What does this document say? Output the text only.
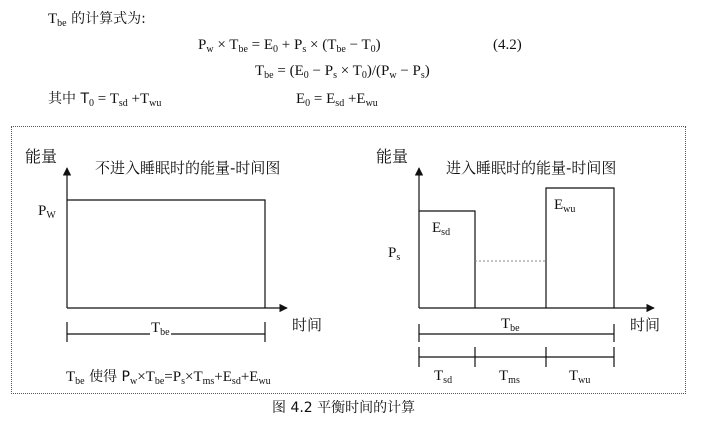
$T_{be}$ 的计算式为:
$P_w \times T_{be} = E_0 + P_s \times (T_{be} - T_0)$	(4.2)
$T_{be} = (E_0 - P_s \times T_0)/(P_w - P_s)$
其中 $T_0 = T_{sd} +T_{wu}$	$E_0 = E_{sd} +E_{wu}$
能量
不进入睡眠时的能量-时间图
$P_W$
$T_{be}$	时间
能量
进入睡眠时的能量-时间图
$E_{sd}$
$E_{wu}$
$P_s$
$T_{be}$	时间
$T_{sd}$	$T_{ms}$	$T_{wu}$
$T_{be}$ 使得 $P_w\times T_{be}=P_s\times T_{ms}+E_{sd}+E_{wu}$
图 4.2 平衡时间的计算
